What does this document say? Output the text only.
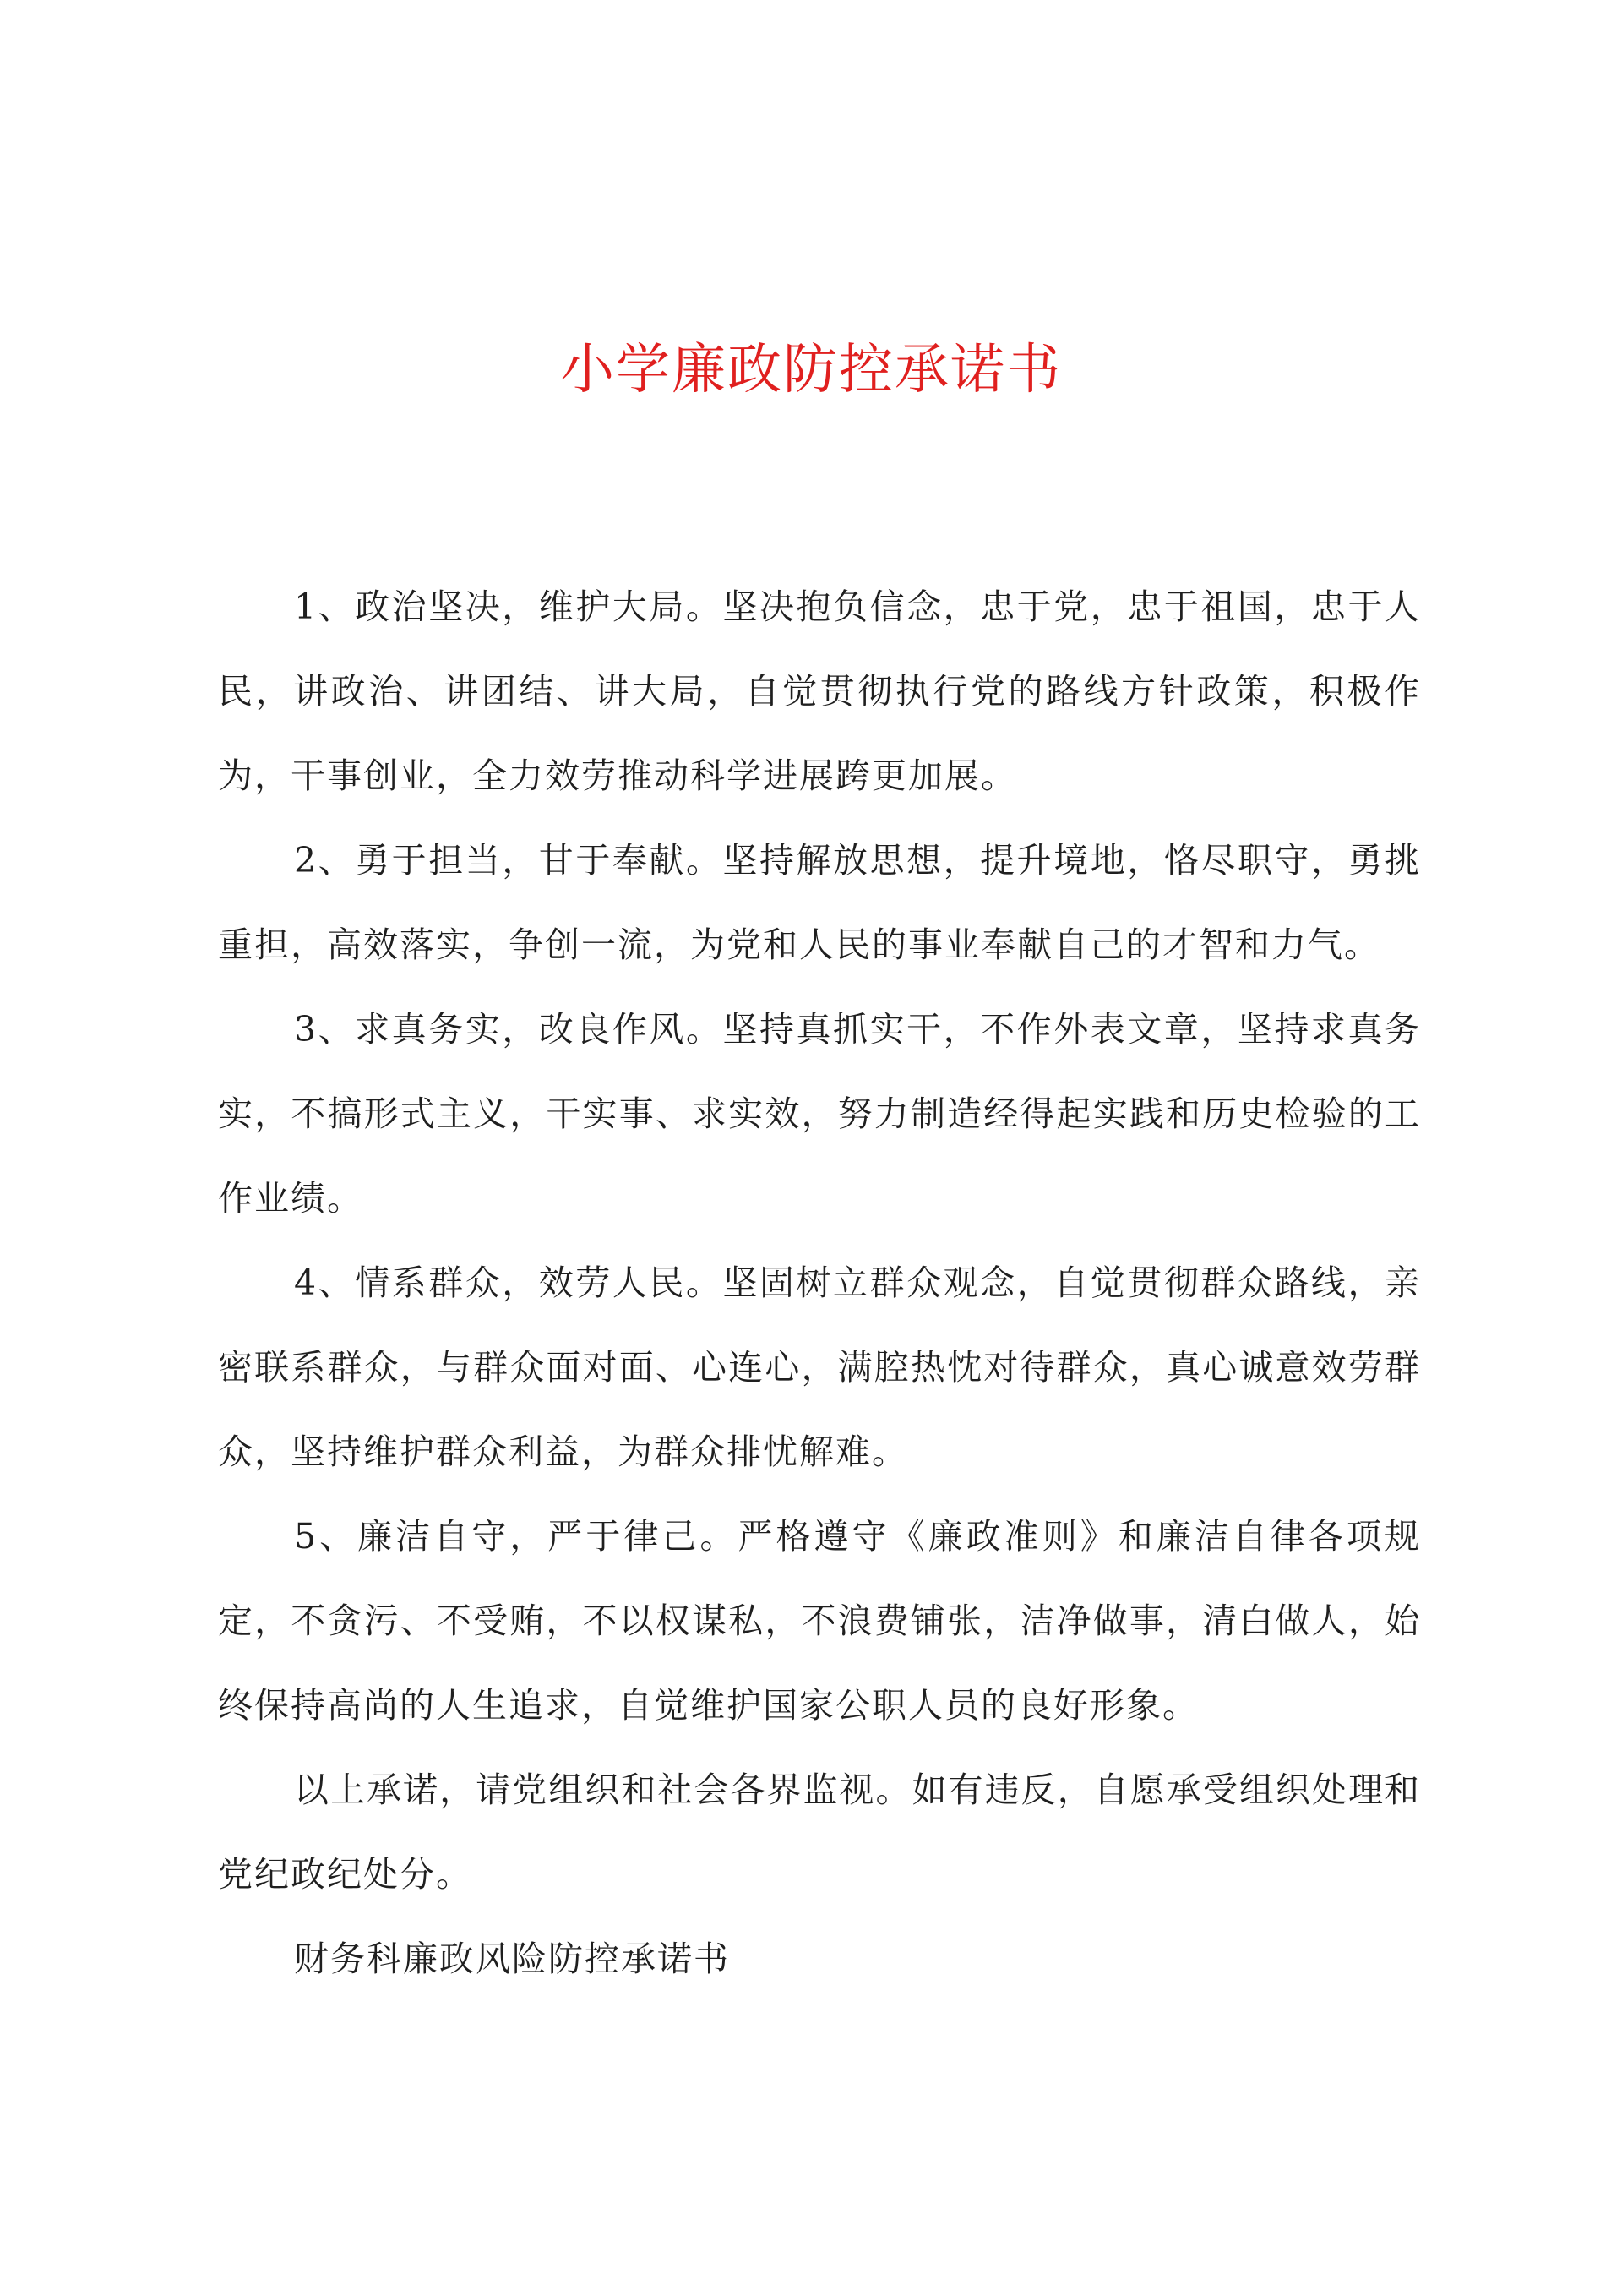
小学廉政防控承诺书

1、政治坚决，维护大局。坚决抱负信念，忠于党，忠于祖国，忠于人民，讲政治、讲团结、讲大局，自觉贯彻执行党的路线方针政策，积极作为，干事创业，全力效劳推动科学进展跨更加展。

2、勇于担当，甘于奉献。坚持解放思想，提升境地，恪尽职守，勇挑重担，高效落实，争创一流，为党和人民的事业奉献自己的才智和力气。

3、求真务实，改良作风。坚持真抓实干，不作外表文章，坚持求真务实，不搞形式主义，干实事、求实效，努力制造经得起实践和历史检验的工作业绩。

4、情系群众，效劳人民。坚固树立群众观念，自觉贯彻群众路线，亲密联系群众，与群众面对面、心连心，满腔热忱对待群众，真心诚意效劳群众，坚持维护群众利益，为群众排忧解难。

5、廉洁自守，严于律己。严格遵守《廉政准则》和廉洁自律各项规定，不贪污、不受贿，不以权谋私，不浪费铺张，洁净做事，清白做人，始终保持高尚的人生追求，自觉维护国家公职人员的良好形象。

以上承诺，请党组织和社会各界监视。如有违反，自愿承受组织处理和党纪政纪处分。

财务科廉政风险防控承诺书
